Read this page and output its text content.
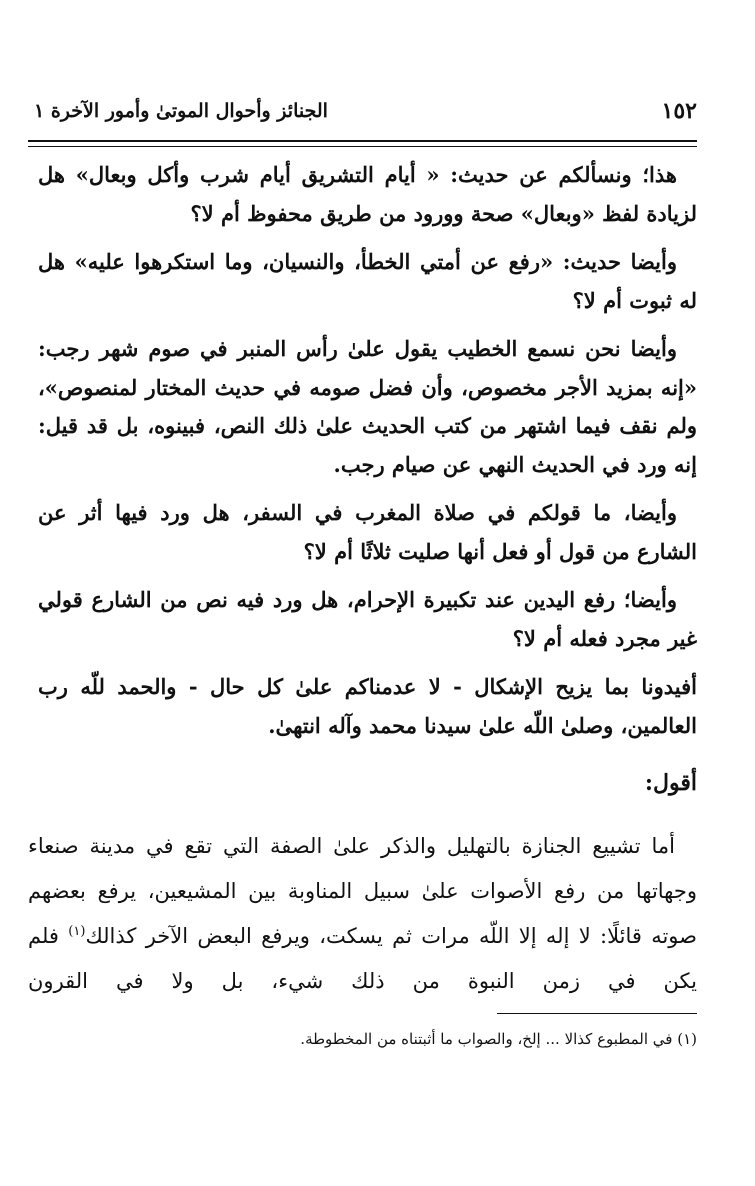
١٥٢
الجنائز وأحوال الموتىٰ وأمور الآخرة ١

هذا؛ ونسألكم عن حديث: « أيام التشريق أيام شرب وأكل وبعال» هل لزيادة لفظ «وبعال» صحة وورود من طريق محفوظ أم لا؟

وأيضا حديث: «رفع عن أمتي الخطأ، والنسيان، وما استكرهوا عليه» هل له ثبوت أم لا؟

وأيضا نحن نسمع الخطيب يقول علىٰ رأس المنبر في صوم شهر رجب: «إنه بمزيد الأجر مخصوص، وأن فضل صومه في حديث المختار لمنصوص»، ولم نقف فيما اشتهر من كتب الحديث علىٰ ذلك النص، فبينوه، بل قد قيل: إنه ورد في الحديث النهي عن صيام رجب.

وأيضا، ما قولكم في صلاة المغرب في السفر، هل ورد فيها أثر عن الشارع من قول أو فعل أنها صليت ثلاثًا أم لا؟

وأيضا؛ رفع اليدين عند تكبيرة الإحرام، هل ورد فيه نص من الشارع قولي غير مجرد فعله أم لا؟

أفيدونا بما يزيح الإشكال - لا عدمناكم علىٰ كل حال - والحمد للّه رب العالمين، وصلىٰ اللّه علىٰ سيدنا محمد وآله انتهىٰ.

أقول:

أما تشييع الجنازة بالتهليل والذكر علىٰ الصفة التي تقع في مدينة صنعاء وجهاتها من رفع الأصوات علىٰ سبيل المناوبة بين المشيعين، يرفع بعضهم صوته قائلًا: لا إله إلا اللّه مرات ثم يسكت، ويرفع البعض الآخر كذالك$^{(١)}$ فلم يكن في زمن النبوة من ذلك شيء، بل ولا في القرون

(١) في المطبوع كذالا ... إلخ، والصواب ما أثبتناه من المخطوطة.
